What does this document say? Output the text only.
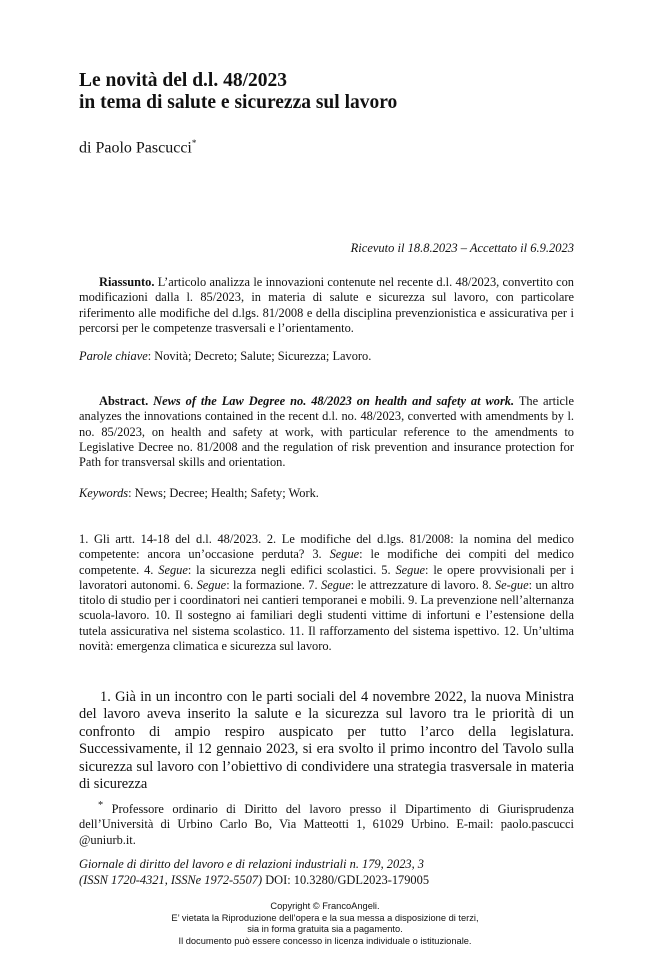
Le novità del d.l. 48/2023
in tema di salute e sicurezza sul lavoro
di Paolo Pascucci*
Ricevuto il 18.8.2023 – Accettato il 6.9.2023
Riassunto. L’articolo analizza le innovazioni contenute nel recente d.l. 48/2023, convertito con modificazioni dalla l. 85/2023, in materia di salute e sicurezza sul lavoro, con particolare riferimento alle modifiche del d.lgs. 81/2008 e della disciplina prevenzionistica e assicurativa per i percorsi per le competenze trasversali e l’orientamento.
Parole chiave: Novità; Decreto; Salute; Sicurezza; Lavoro.
Abstract. News of the Law Degree no. 48/2023 on health and safety at work. The article analyzes the innovations contained in the recent d.l. no. 48/2023, converted with amendments by l. no. 85/2023, on health and safety at work, with particular reference to the amendments to Legislative Decree no. 81/2008 and the regulation of risk prevention and insurance protection for Path for transversal skills and orientation.
Keywords: News; Decree; Health; Safety; Work.
1. Gli artt. 14-18 del d.l. 48/2023. 2. Le modifiche del d.lgs. 81/2008: la nomina del medico competente: ancora un’occasione perduta? 3. Segue: le modifiche dei compiti del medico competente. 4. Segue: la sicurezza negli edifici scolastici. 5. Segue: le opere provvisionali per i lavoratori autonomi. 6. Segue: la formazione. 7. Segue: le attrezzature di lavoro. 8. Se-gue: un altro titolo di studio per i coordinatori nei cantieri temporanei e mobili. 9. La prevenzione nell’alternanza scuola-lavoro. 10. Il sostegno ai familiari degli studenti vittime di infortuni e l’estensione della tutela assicurativa nel sistema scolastico. 11. Il rafforzamento del sistema ispettivo. 12. Un’ultima novità: emergenza climatica e sicurezza sul lavoro.
1. Già in un incontro con le parti sociali del 4 novembre 2022, la nuova Ministra del lavoro aveva inserito la salute e la sicurezza sul lavoro tra le priorità di un confronto di ampio respiro auspicato per tutto l’arco della legislatura. Successivamente, il 12 gennaio 2023, si era svolto il primo incontro del Tavolo sulla sicurezza sul lavoro con l’obiettivo di condividere una strategia trasversale in materia di sicurezza
* Professore ordinario di Diritto del lavoro presso il Dipartimento di Giurisprudenza dell’Università di Urbino Carlo Bo, Via Matteotti 1, 61029 Urbino. E-mail: paolo.pascucci @uniurb.it.
Giornale di diritto del lavoro e di relazioni industriali n. 179, 2023, 3
(ISSN 1720-4321, ISSNe 1972-5507) DOI: 10.3280/GDL2023-179005
Copyright © FrancoAngeli.
E’ vietata la Riproduzione dell’opera e la sua messa a disposizione di terzi,
sia in forma gratuita sia a pagamento.
Il documento può essere concesso in licenza individuale o istituzionale.
